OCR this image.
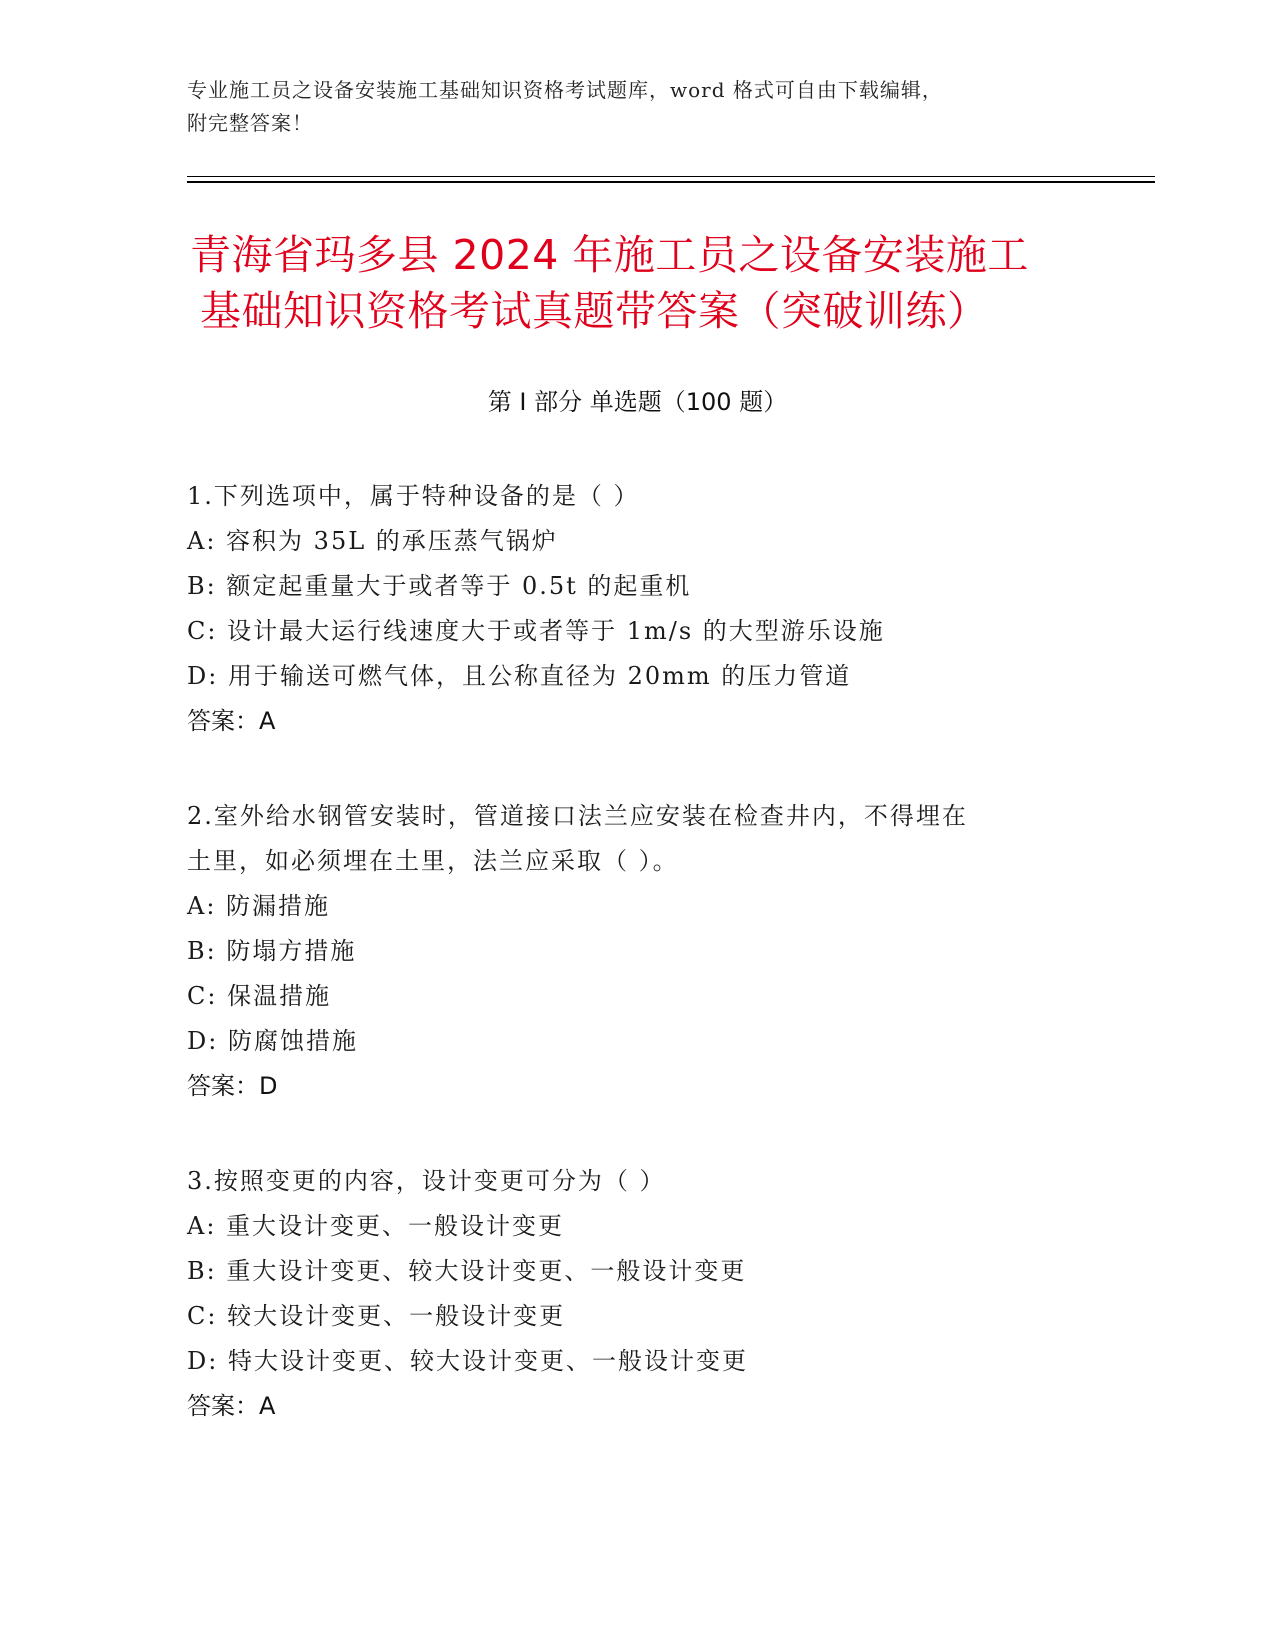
专业施工员之设备安装施工基础知识资格考试题库，word 格式可自由下载编辑，
附完整答案！

青海省玛多县 2024 年施工员之设备安装施工
基础知识资格考试真题带答案（突破训练）
第 I 部分 单选题（100 题）

1.下列选项中，属于特种设备的是（ ）

A: 容积为 35L 的承压蒸气锅炉

B: 额定起重量大于或者等于 0.5t 的起重机

C: 设计最大运行线速度大于或者等于 1m/s 的大型游乐设施

D: 用于输送可燃气体，且公称直径为 20mm 的压力管道

答案：A

2.室外给水钢管安装时，管道接口法兰应安装在检查井内，不得埋在

土里，如必须埋在土里，法兰应采取（ ）。

A: 防漏措施

B: 防塌方措施

C: 保温措施

D: 防腐蚀措施

答案：D

3.按照变更的内容，设计变更可分为（ ）

A: 重大设计变更、一般设计变更

B: 重大设计变更、较大设计变更、一般设计变更

C: 较大设计变更、一般设计变更

D: 特大设计变更、较大设计变更、一般设计变更

答案：A
